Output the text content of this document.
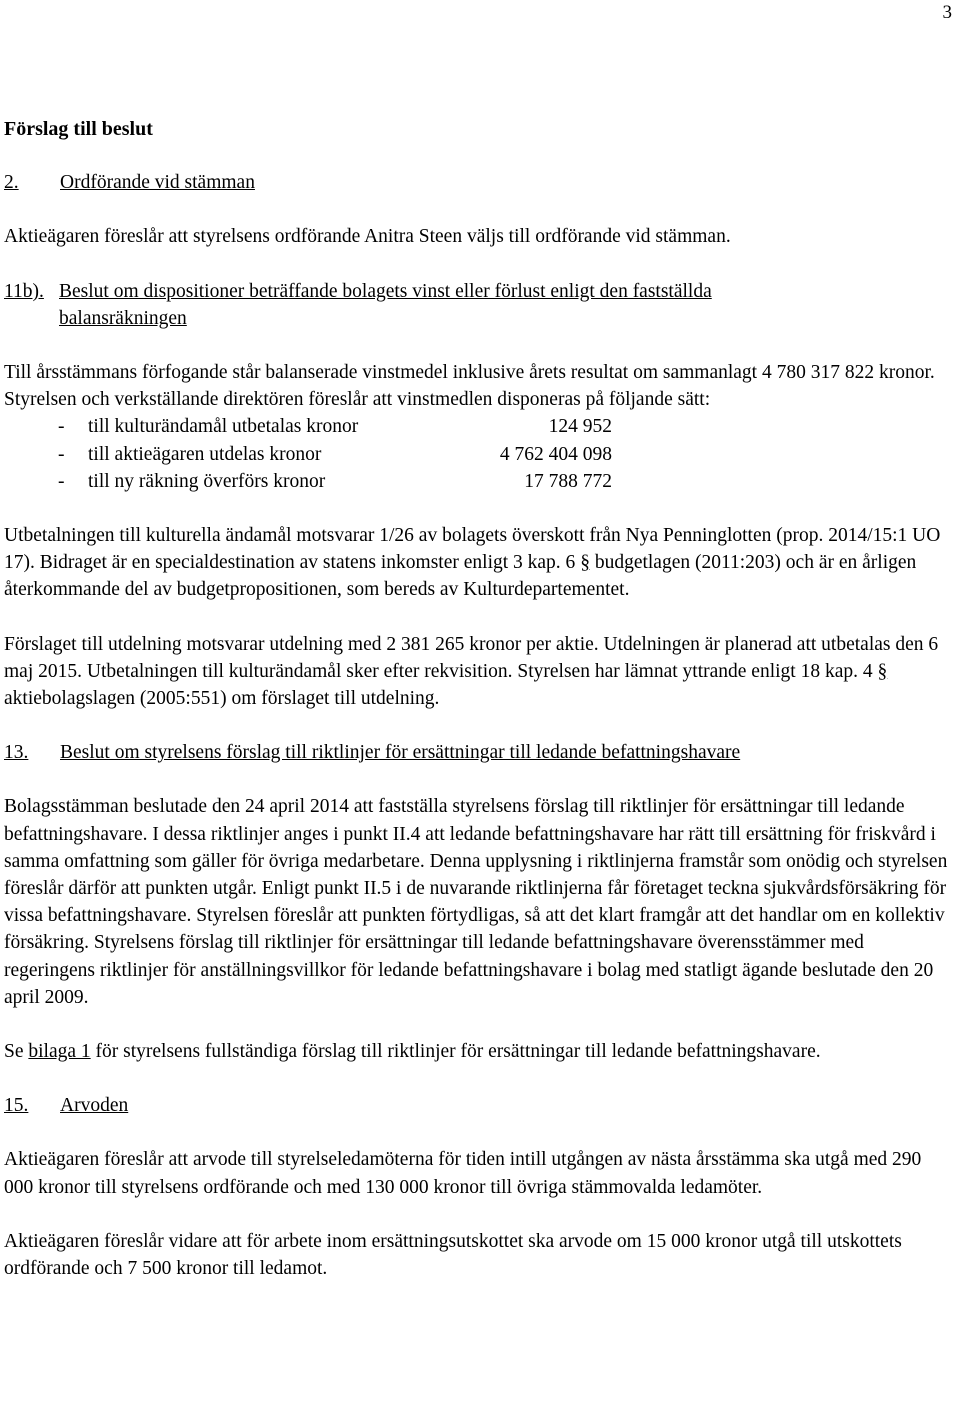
3

Förslag till beslut

2.	Ordförande vid stämman

Aktieägaren föreslår att styrelsens ordförande Anitra Steen väljs till ordförande vid stämman.

11b). Beslut om dispositioner beträffande bolagets vinst eller förlust enligt den fastställda
balansräkningen

Till årsstämmans förfogande står balanserade vinstmedel inklusive årets resultat om sammanlagt 4 780 317 822 kronor. Styrelsen och verkställande direktören föreslår att vinstmedlen disponeras på följande sätt:

-	till kulturändamål utbetalas kronor	124 952
-	till aktieägaren utdelas kronor	4 762 404 098
-	till ny räkning överförs kronor	17 788 772

Utbetalningen till kulturella ändamål motsvarar 1/26 av bolagets överskott från Nya Penninglotten (prop. 2014/15:1 UO 17). Bidraget är en specialdestination av statens inkomster enligt 3 kap. 6 § budgetlagen (2011:203) och är en årligen återkommande del av budgetpropositionen, som bereds av Kulturdepartementet.

Förslaget till utdelning motsvarar utdelning med 2 381 265 kronor per aktie. Utdelningen är planerad att utbetalas den 6 maj 2015. Utbetalningen till kulturändamål sker efter rekvisition. Styrelsen har lämnat yttrande enligt 18 kap. 4 § aktiebolagslagen (2005:551) om förslaget till utdelning.

13.	Beslut om styrelsens förslag till riktlinjer för ersättningar till ledande befattningshavare

Bolagsstämman beslutade den 24 april 2014 att fastställa styrelsens förslag till riktlinjer för ersättningar till ledande befattningshavare. I dessa riktlinjer anges i punkt II.4 att ledande befattningshavare har rätt till ersättning för friskvård i samma omfattning som gäller för övriga medarbetare. Denna upplysning i riktlinjerna framstår som onödig och styrelsen föreslår därför att punkten utgår. Enligt punkt II.5 i de nuvarande riktlinjerna får företaget teckna sjukvårdsförsäkring för vissa befattningshavare. Styrelsen föreslår att punkten förtydligas, så att det klart framgår att det handlar om en kollektiv försäkring. Styrelsens förslag till riktlinjer för ersättningar till ledande befattningshavare överensstämmer med regeringens riktlinjer för anställningsvillkor för ledande befattningshavare i bolag med statligt ägande beslutade den 20 april 2009.

Se bilaga 1 för styrelsens fullständiga förslag till riktlinjer för ersättningar till ledande befattningshavare.

15.	Arvoden

Aktieägaren föreslår att arvode till styrelseledamöterna för tiden intill utgången av nästa årsstämma ska utgå med 290 000 kronor till styrelsens ordförande och med 130 000 kronor till övriga stämmovalda ledamöter.

Aktieägaren föreslår vidare att för arbete inom ersättningsutskottet ska arvode om 15 000 kronor utgå till utskottets ordförande och 7 500 kronor till ledamot.
